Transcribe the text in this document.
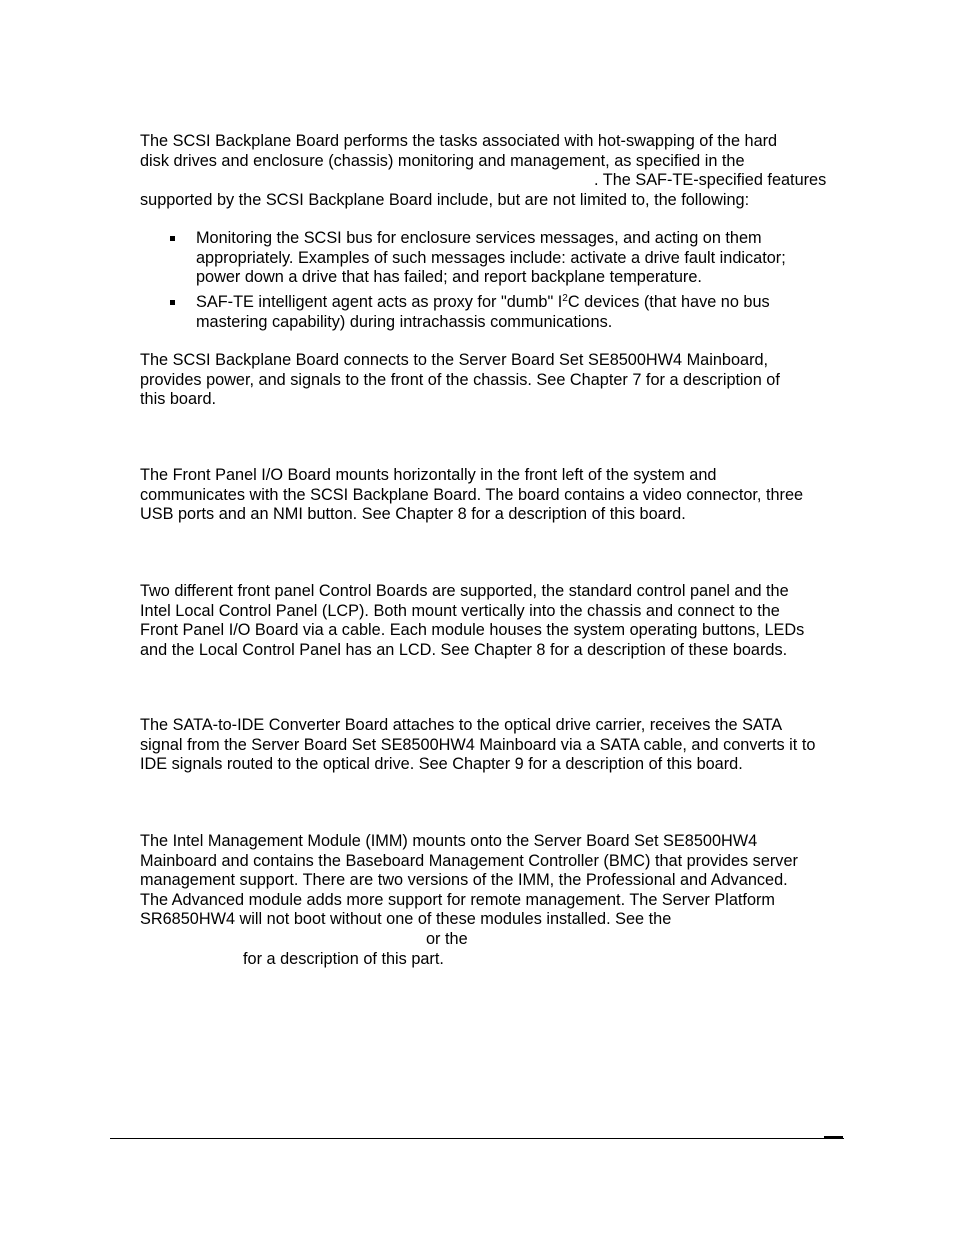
The SCSI Backplane Board performs the tasks associated with hot-swapping of the hard
disk drives and enclosure (chassis) monitoring and management, as specified in the
. The SAF-TE-specified features
supported by the SCSI Backplane Board include, but are not limited to, the following:
Monitoring the SCSI bus for enclosure services messages, and acting on them
appropriately. Examples of such messages include: activate a drive fault indicator;
power down a drive that has failed; and report backplane temperature.
SAF-TE intelligent agent acts as proxy for "dumb" $I^2C$ devices (that have no bus
mastering capability) during intrachassis communications.
The SCSI Backplane Board connects to the Server Board Set SE8500HW4 Mainboard,
provides power, and signals to the front of the chassis. See Chapter 7 for a description of
this board.
The Front Panel I/O Board mounts horizontally in the front left of the system and
communicates with the SCSI Backplane Board. The board contains a video connector, three
USB ports and an NMI button. See Chapter 8 for a description of this board.
Two different front panel Control Boards are supported, the standard control panel and the
Intel Local Control Panel (LCP). Both mount vertically into the chassis and connect to the
Front Panel I/O Board via a cable. Each module houses the system operating buttons, LEDs
and the Local Control Panel has an LCD. See Chapter 8 for a description of these boards.
The SATA-to-IDE Converter Board attaches to the optical drive carrier, receives the SATA
signal from the Server Board Set SE8500HW4 Mainboard via a SATA cable, and converts it to
IDE signals routed to the optical drive. See Chapter 9 for a description of this board.
The Intel Management Module (IMM) mounts onto the Server Board Set SE8500HW4
Mainboard and contains the Baseboard Management Controller (BMC) that provides server
management support. There are two versions of the IMM, the Professional and Advanced.
The Advanced module adds more support for remote management. The Server Platform
SR6850HW4 will not boot without one of these modules installed. See the
or the
for a description of this part.
